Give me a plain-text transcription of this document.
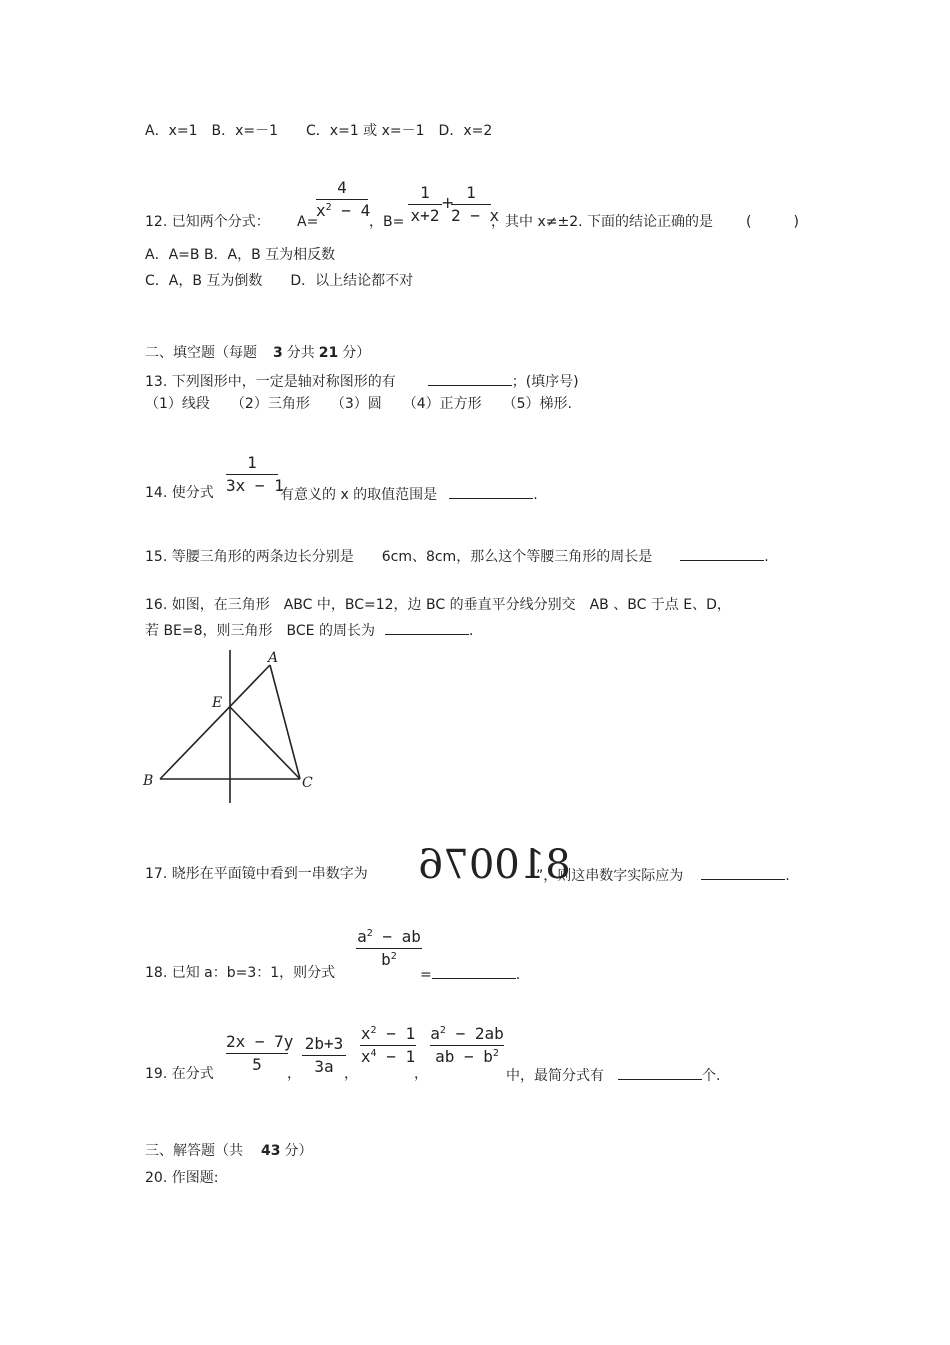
A．x=1　B．x=－1　　C．x=1 或 x=－1　D．x=2
12. 已知两个分式： A=
4
$x^2 - 4$
，B=
1
x+2
+
1
2 − x
，其中 x≠±2. 下面的结论正确的是 (　　　)
A．A=B B．A，B 互为相反数
C．A，B 互为倒数　　D．以上结论都不对
二、填空题（每题 3 分共 21 分）
13. 下列图形中，一定是轴对称图形的有	；(填序号)
（1）线段　　（2）三角形　　（3）圆　　（4）正方形　　（5）梯形.
14. 使分式
1
3x − 1
有意义的 x 的取值范围是	.
15. 等腰三角形的两条边长分别是　　6cm、8cm，那么这个等腰三角形的周长是	.
16. 如图，在三角形　ABC 中，BC=12，边 BC 的垂直平分线分别交　AB 、BC 于点 E、D，
若 BE=8，则三角形　BCE 的周长为	.
A
E
B	C
17. 晓彤在平面镜中看到一串数字为 810076
”，则这串数字实际应为	.
18. 已知 a：b=3：1，则分式
$a^2$ − ab
$b^2$
=	.
19. 在分式
2x − 7y
5	，
2b+3
3a ，
$x^2 - 1$
$x^4 - 1$
，
$a^2 - 2ab$
ab − $b^2$
中，最简分式有	个.
三、解答题（共 43 分）
20. 作图题:
